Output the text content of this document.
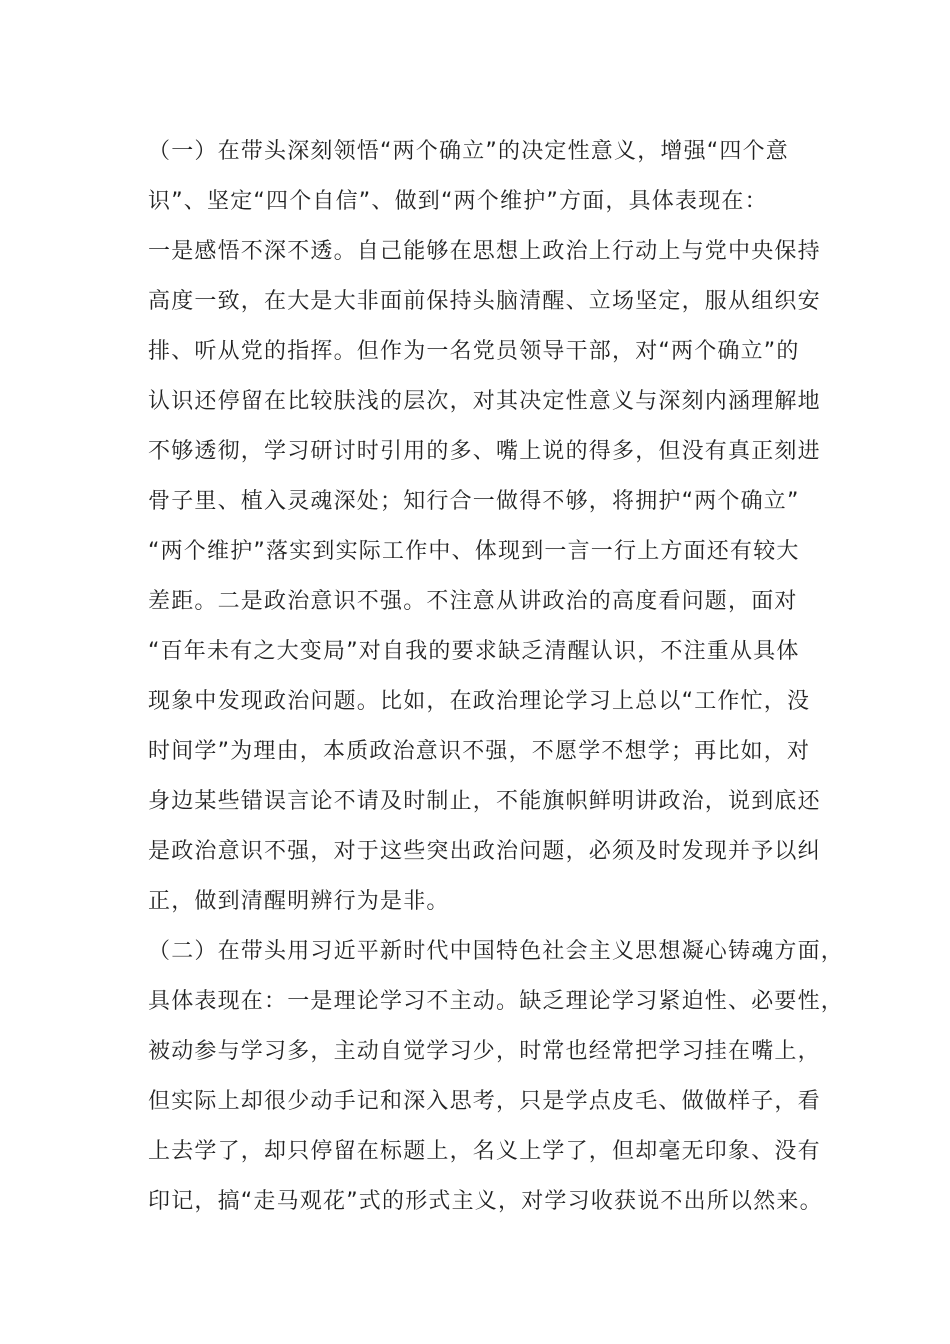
（一）在带头深刻领悟“两个确立”的决定性意义，增强“四个意
识”、坚定“四个自信”、做到“两个维护”方面，具体表现在：
一是感悟不深不透。自己能够在思想上政治上行动上与党中央保持
高度一致，在大是大非面前保持头脑清醒、立场坚定，服从组织安
排、听从党的指挥。但作为一名党员领导干部，对“两个确立”的
认识还停留在比较肤浅的层次，对其决定性意义与深刻内涵理解地
不够透彻，学习研讨时引用的多、嘴上说的得多，但没有真正刻进
骨子里、植入灵魂深处；知行合一做得不够，将拥护“两个确立”
“两个维护”落实到实际工作中、体现到一言一行上方面还有较大
差距。二是政治意识不强。不注意从讲政治的高度看问题，面对
“百年未有之大变局”对自我的要求缺乏清醒认识，不注重从具体
现象中发现政治问题。比如，在政治理论学习上总以“工作忙，没
时间学”为理由，本质政治意识不强，不愿学不想学；再比如，对
身边某些错误言论不请及时制止，不能旗帜鲜明讲政治，说到底还
是政治意识不强，对于这些突出政治问题，必须及时发现并予以纠
正，做到清醒明辨行为是非。
（二）在带头用习近平新时代中国特色社会主义思想凝心铸魂方面，
具体表现在：一是理论学习不主动。缺乏理论学习紧迫性、必要性，
被动参与学习多，主动自觉学习少，时常也经常把学习挂在嘴上，
但实际上却很少动手记和深入思考，只是学点皮毛、做做样子，看
上去学了，却只停留在标题上，名义上学了，但却毫无印象、没有
印记，搞“走马观花”式的形式主义，对学习收获说不出所以然来。
